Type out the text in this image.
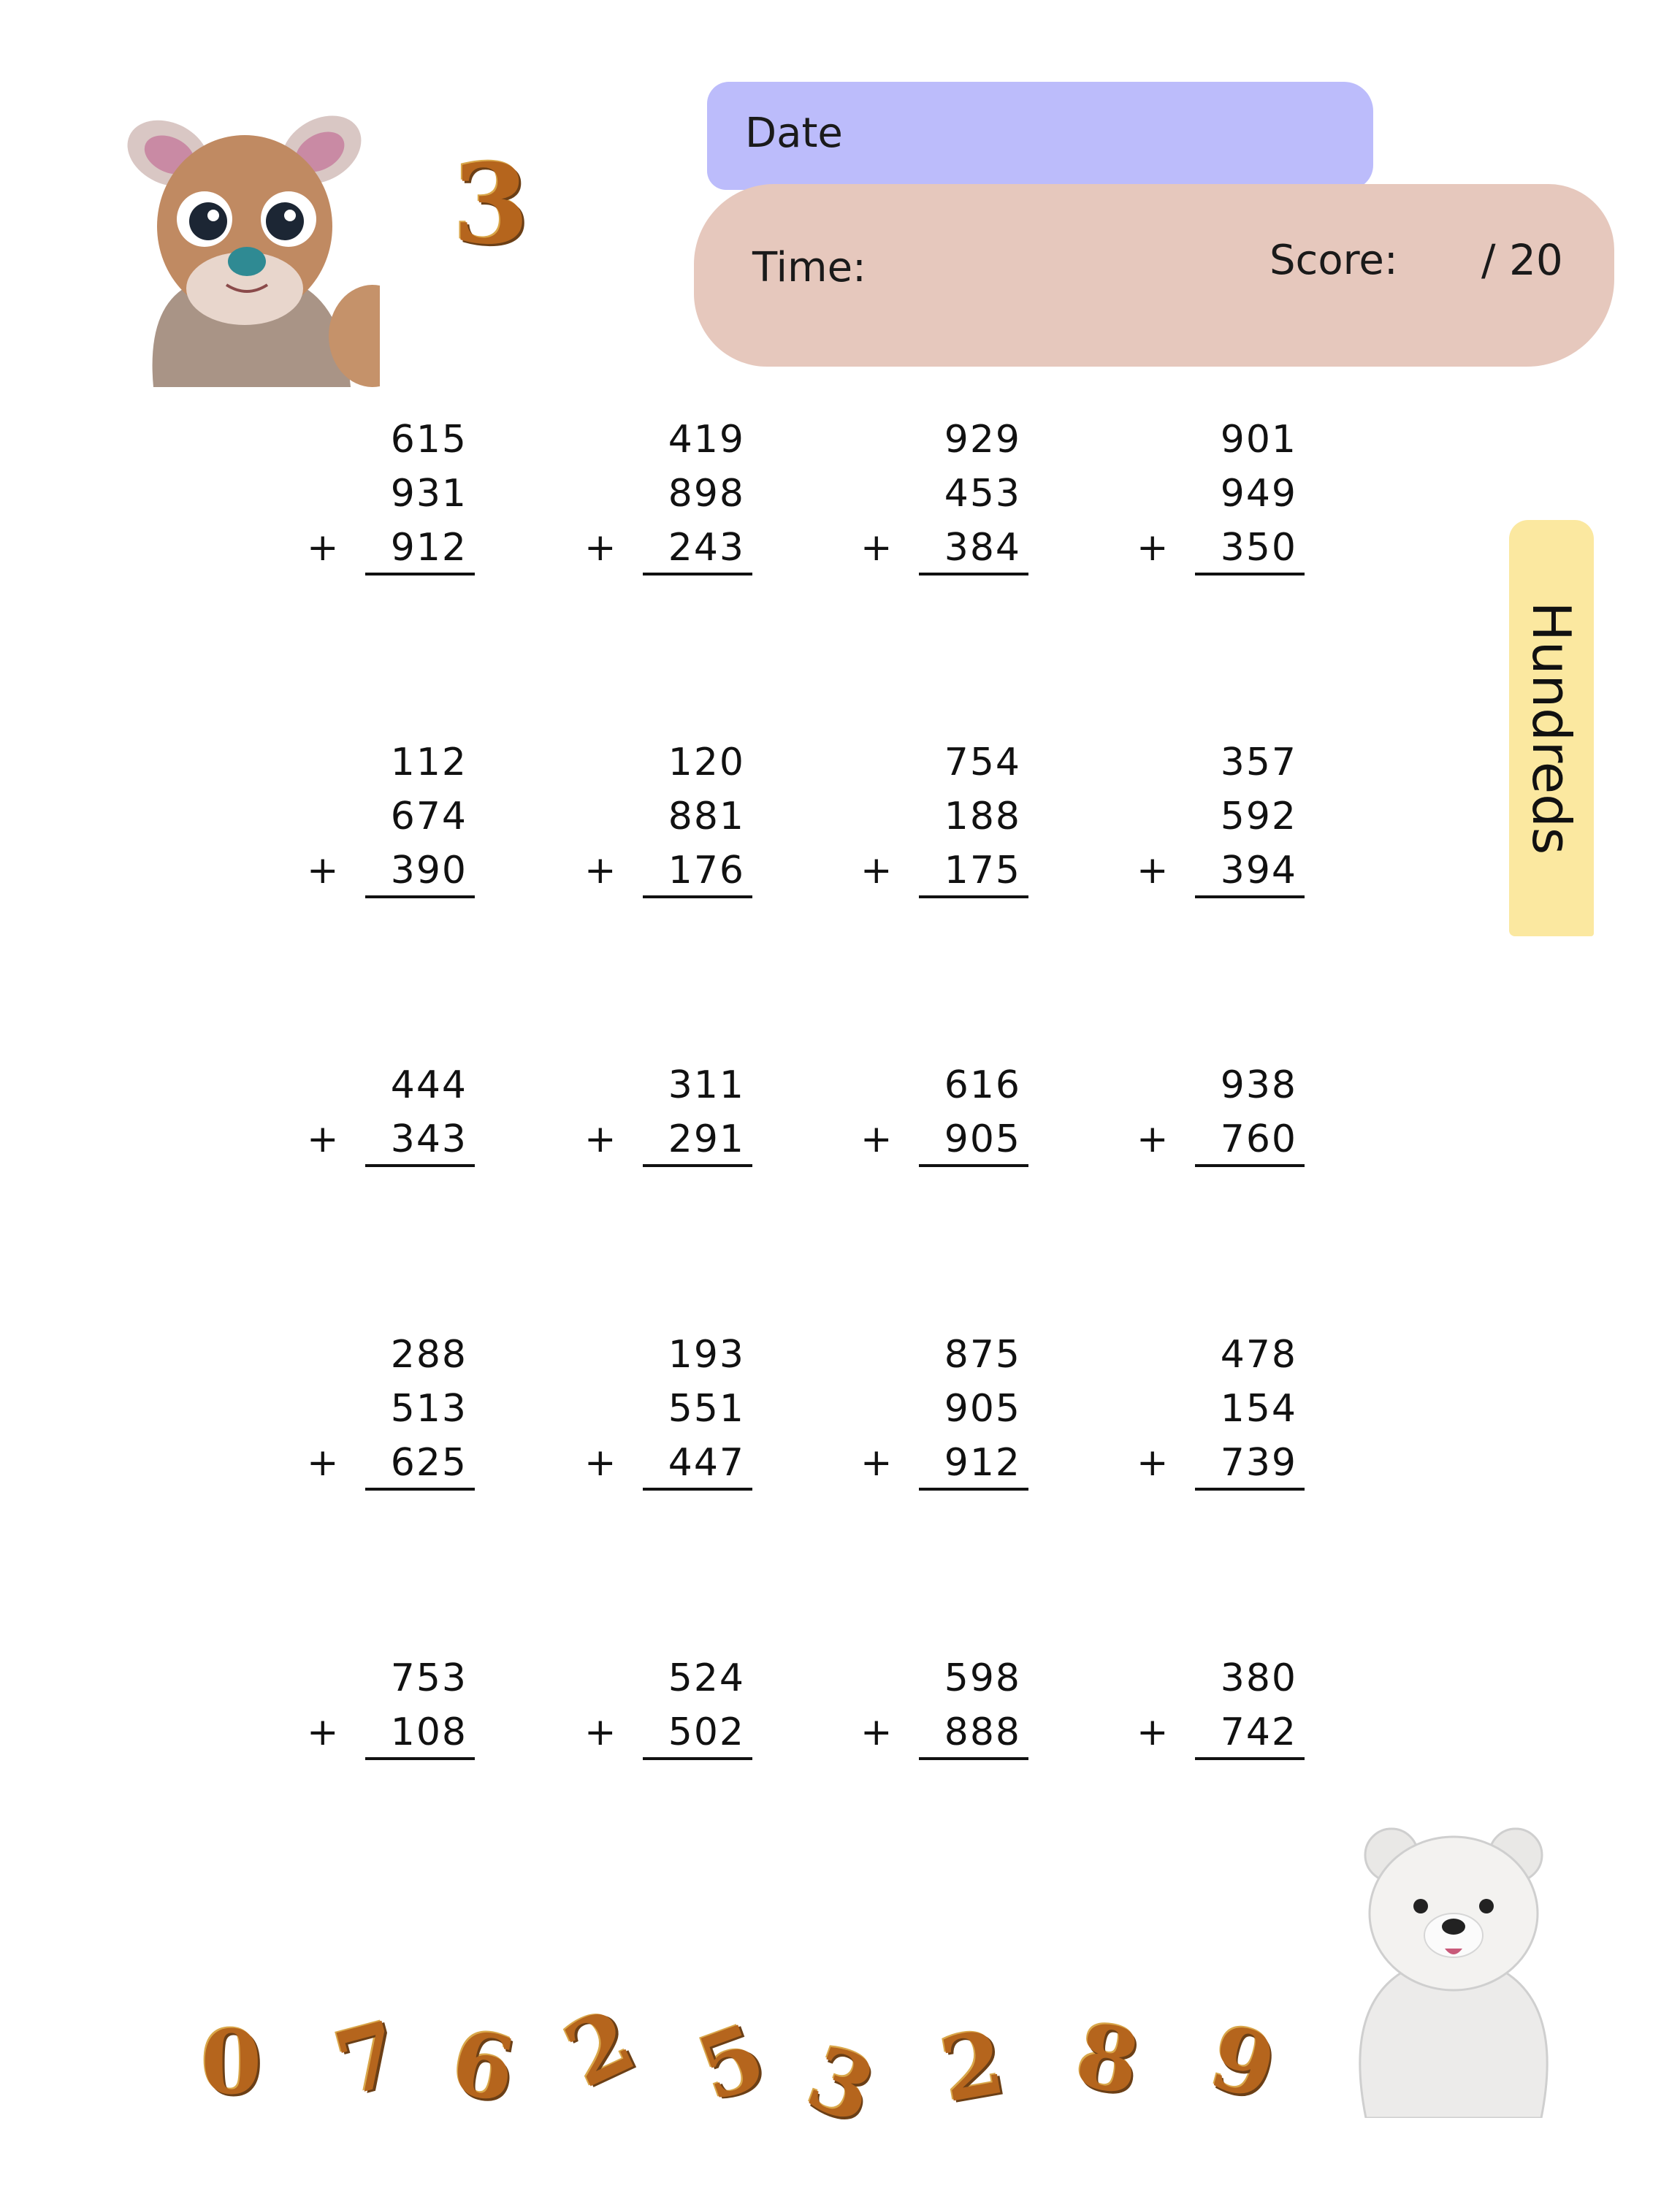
3
Date
Time:	Score: / 20
Hundreds
615
931
912
+
419
898
243
+
929
453
384
+
901
949
350
+
112
674
390
+
120
881
176
+
754
188
175
+
357
592
394
+
444
343
+
311
291
+
616
905
+
938
760
+
288
513
625
+
193
551
447
+
875
905
912
+
478
154
739
+
753
108
+
524
502
+
598
888
+
380
742
+
0 7 6 2 5 3 2 8 9
